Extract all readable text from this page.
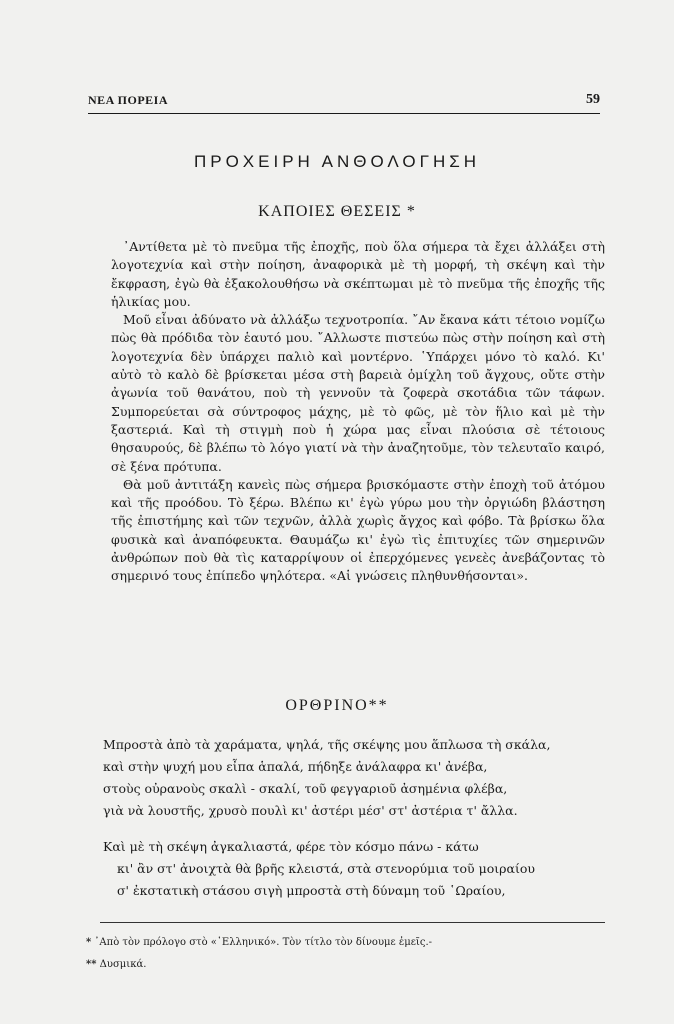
ΝΕΑ ΠΟΡΕΙΑ	59
ΠΡΟΧΕΙΡΗ ΑΝΘΟΛΟΓΗΣΗ
ΚΑΠΟΙΕΣ ΘΕΣΕΙΣ *

᾿Αντίθετα μὲ τὸ πνεῦμα τῆς ἐποχῆς, ποὺ ὅλα σήμερα τὰ ἔχει ἀλλάξει στὴ λογοτεχνία καὶ στὴν ποίηση, ἀναφορικὰ μὲ τὴ μορφή, τὴ σκέψη καὶ τὴν ἔκφραση, ἐγὼ θὰ ἐξακολουθήσω νὰ σκέπτωμαι μὲ τὸ πνεῦμα τῆς ἐποχῆς τῆς ἡλικίας μου.

Μοῦ εἶναι ἀδύνατο νὰ ἀλλάξω τεχνοτροπία. ῎Αν ἔκανα κάτι τέτοιο νομίζω πὼς θὰ πρόδιδα τὸν ἑαυτό μου. ῎Αλλωστε πιστεύω πὼς στὴν ποίηση καὶ στὴ λογοτεχνία δὲν ὑπάρχει παλιὸ καὶ μοντέρνο. ῾Υπάρχει μόνο τὸ καλό. Κι' αὐτὸ τὸ καλὸ δὲ βρίσκεται μέσα στὴ βαρειὰ ὁμίχλη τοῦ ἄγχους, οὔτε στὴν ἀγωνία τοῦ θανάτου, ποὺ τὴ γεννοῦν τὰ ζοφερὰ σκοτάδια τῶν τάφων. Συμπορεύεται σὰ σύντροφος μάχης, μὲ τὸ φῶς, μὲ τὸν ἥλιο καὶ μὲ τὴν ξαστεριά. Καὶ τὴ στιγμὴ ποὺ ἡ χώρα μας εἶναι πλούσια σὲ τέτοιους θησαυρούς, δὲ βλέπω τὸ λόγο γιατί νὰ τὴν ἀναζητοῦμε, τὸν τελευταῖο καιρό, σὲ ξένα πρότυπα.

Θὰ μοῦ ἀντιτάξη κανεὶς πὼς σήμερα βρισκόμαστε στὴν ἐποχὴ τοῦ ἀτόμου καὶ τῆς προόδου. Τὸ ξέρω. Βλέπω κι' ἐγὼ γύρω μου τὴν ὀργιώδη βλάστηση τῆς ἐπιστήμης καὶ τῶν τεχνῶν, ἀλλὰ χωρὶς ἄγχος καὶ φόβο. Τὰ βρίσκω ὅλα φυσικὰ καὶ ἀναπόφευκτα. Θαυμάζω κι' ἐγὼ τὶς ἐπιτυχίες τῶν σημερινῶν ἀνθρώπων ποὺ θὰ τὶς καταρρίψουν οἱ ἐπερχόμενες γενεὲς ἀνεβάζοντας τὸ σημερινό τους ἐπίπεδο ψηλότερα. «Αἱ γνώσεις πληθυνθήσονται».

ΟΡΘΡΙΝΟ**
Μπροστὰ ἀπὸ τὰ χαράματα, ψηλά, τῆς σκέψης μου ἅπλωσα τὴ σκάλα,
καὶ στὴν ψυχή μου εἶπα ἁπαλά, πήδηξε ἀνάλαφρα κι' ἀνέβα,
στοὺς οὐρανοὺς σκαλὶ - σκαλί, τοῦ φεγγαριοῦ ἀσημένια φλέβα,
γιὰ νὰ λουστῆς, χρυσὸ πουλὶ κι' ἀστέρι μέσ' στ' ἀστέρια τ' ἄλλα.
Καὶ μὲ τὴ σκέψη ἀγκαλιαστά, φέρε τὸν κόσμο πάνω - κάτω
κι' ἂν στ' ἀνοιχτὰ θὰ βρῆς κλειστά, στὰ στενορύμια τοῦ μοιραίου
σ' ἐκστατικὴ στάσου σιγὴ μπροστὰ στὴ δύναμη τοῦ ῾Ωραίου,
* ᾿Απὸ τὸν πρόλογο στὸ «῾Ελληνικό». Τὸν τίτλο τὸν δίνουμε ἐμεῖς.-
** Δυσμικά.
